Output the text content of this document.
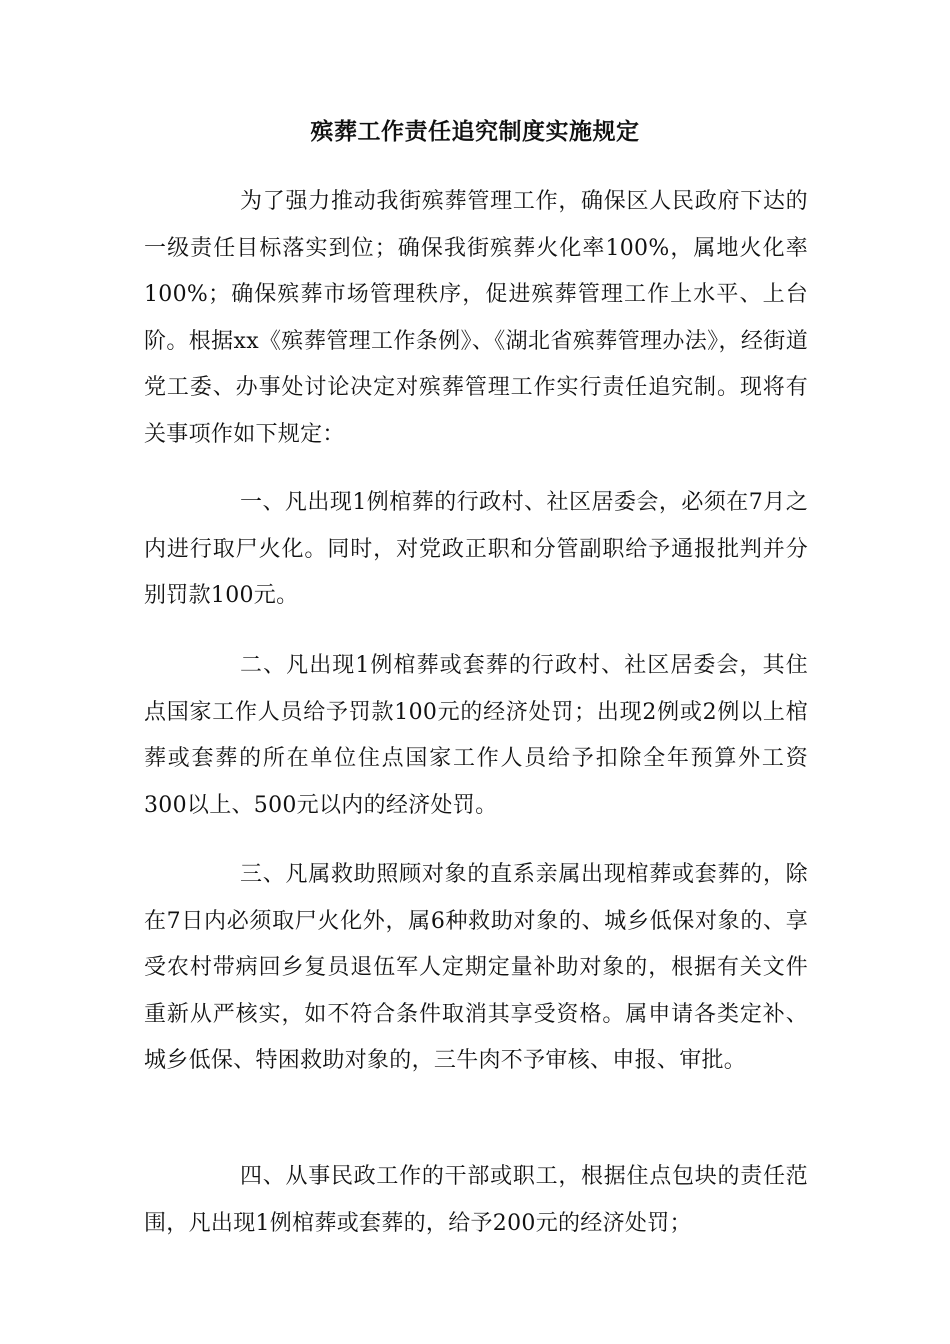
殡葬工作责任追究制度实施规定

为了强力推动我街殡葬管理工作，确保区人民政府下达的一级责任目标落实到位；确保我街殡葬火化率100%，属地火化率100%；确保殡葬市场管理秩序，促进殡葬管理工作上水平、上台阶。根据xx《殡葬管理工作条例》、《湖北省殡葬管理办法》，经街道党工委、办事处讨论决定对殡葬管理工作实行责任追究制。现将有关事项作如下规定：

一、凡出现1例棺葬的行政村、社区居委会，必须在7月之内进行取尸火化。同时，对党政正职和分管副职给予通报批判并分别罚款100元。

二、凡出现1例棺葬或套葬的行政村、社区居委会，其住点国家工作人员给予罚款100元的经济处罚；出现2例或2例以上棺葬或套葬的所在单位住点国家工作人员给予扣除全年预算外工资300以上、500元以内的经济处罚。

三、凡属救助照顾对象的直系亲属出现棺葬或套葬的，除在7日内必须取尸火化外，属6种救助对象的、城乡低保对象的、享受农村带病回乡复员退伍军人定期定量补助对象的，根据有关文件重新从严核实，如不符合条件取消其享受资格。属申请各类定补、城乡低保、特困救助对象的，三牛肉不予审核、申报、审批。

四、从事民政工作的干部或职工，根据住点包块的责任范围，凡出现1例棺葬或套葬的，给予200元的经济处罚；
